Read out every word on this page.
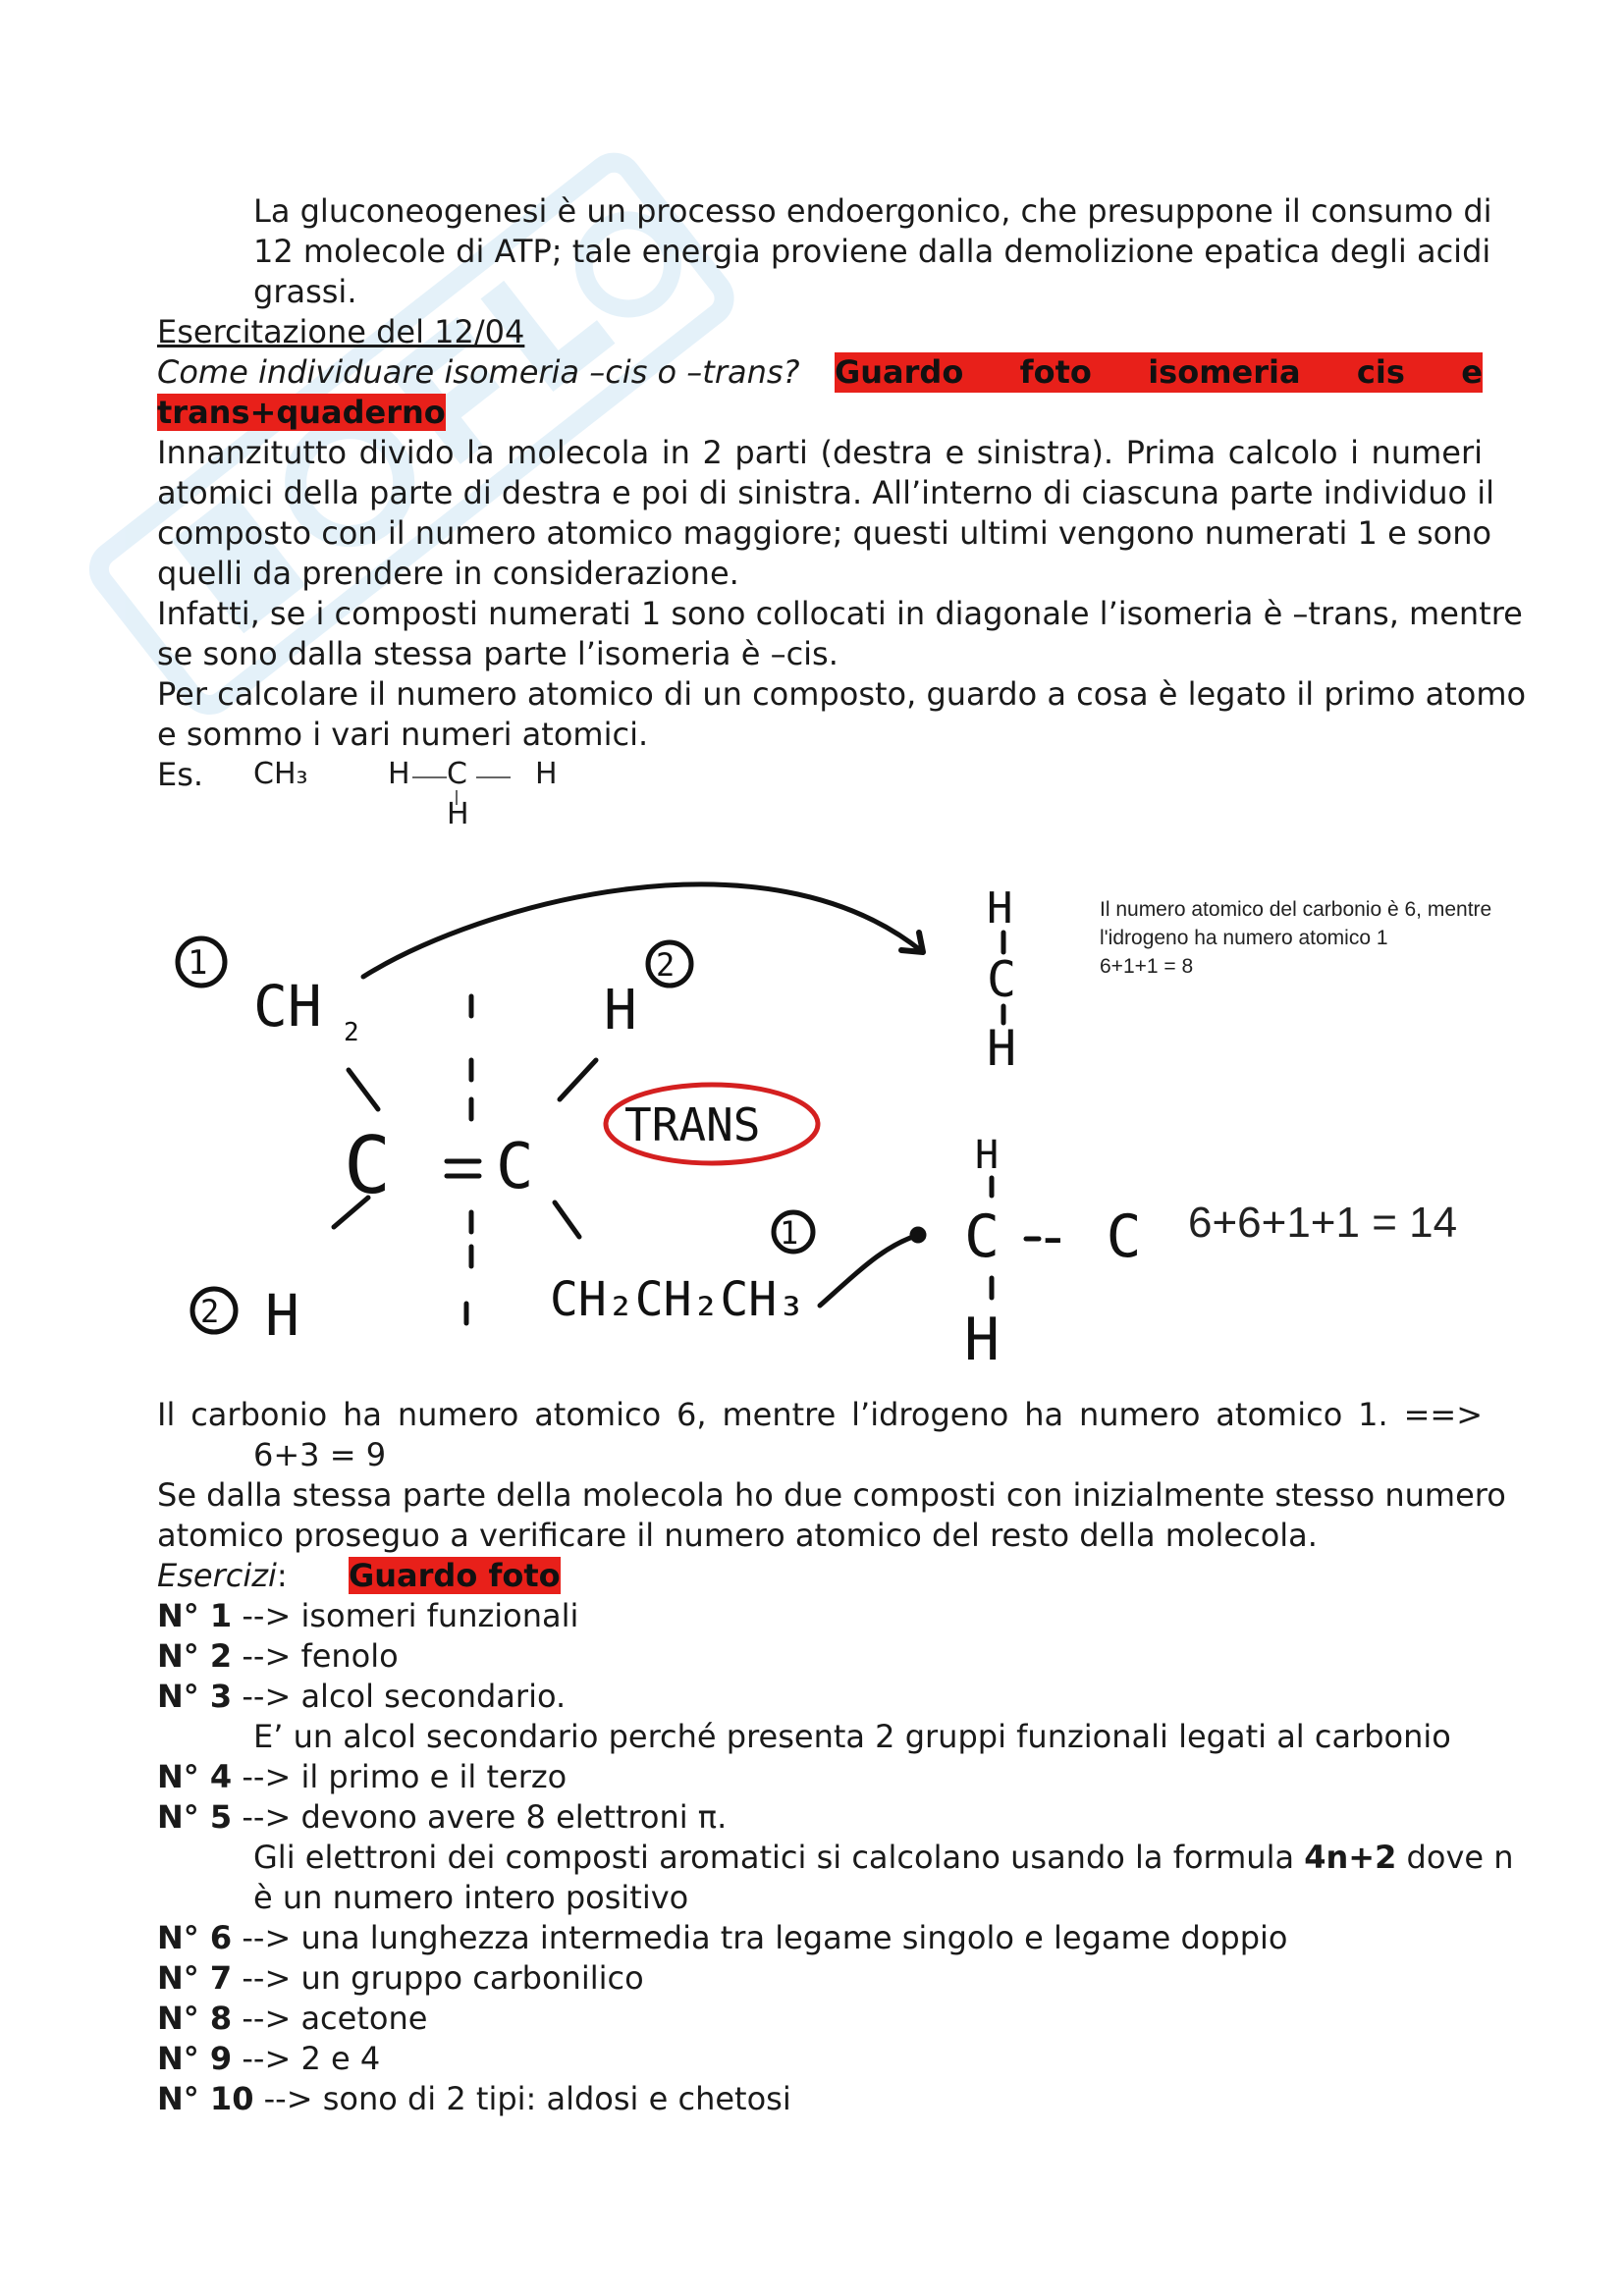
La gluconeogenesi è un processo endoergonico, che presuppone il consumo di
12 molecole di ATP; tale energia proviene dalla demolizione epatica degli acidi
grassi.
Esercitazione del 12/04
Come individuare isomeria –cis o –trans?	Guardo foto isomeria cis e
trans+quaderno
Innanzitutto divido la molecola in 2 parti (destra e sinistra). Prima calcolo i numeri
atomici della parte di destra e poi di sinistra. All’interno di ciascuna parte individuo il
composto con il numero atomico maggiore; questi ultimi vengono numerati 1 e sono
quelli da prendere in considerazione.
Infatti, se i composti numerati 1 sono collocati in diagonale l’isomeria è –trans, mentre
se sono dalla stessa parte l’isomeria è –cis.
Per calcolare il numero atomico di un composto, guardo a cosa è legato il primo atomo
e sommo i vari numeri atomici.
Es.	CH₃	H C H
H
1
CH 2
2
H
C C
TRANS
1
CH₂CH₂CH₃
2 H
H
C
H
H
C - C
H
Il numero atomico del carbonio è 6, mentre
l'idrogeno ha numero atomico 1
6+1+1 = 8
6+6+1+1 = 14
Il carbonio ha numero atomico 6, mentre l’idrogeno ha numero atomico 1. ==>
6+3 = 9
Se dalla stessa parte della molecola ho due composti con inizialmente stesso numero
atomico proseguo a verificare il numero atomico del resto della molecola.
Esercizi:	Guardo foto
N° 1 --> isomeri funzionali
N° 2 --> fenolo
N° 3 --> alcol secondario.
E’ un alcol secondario perché presenta 2 gruppi funzionali legati al carbonio
N° 4 --> il primo e il terzo
N° 5 --> devono avere 8 elettroni π.
Gli elettroni dei composti aromatici si calcolano usando la formula 4n+2 dove n
è un numero intero positivo
N° 6 --> una lunghezza intermedia tra legame singolo e legame doppio
N° 7 --> un gruppo carbonilico
N° 8 --> acetone
N° 9 --> 2 e 4
N° 10 --> sono di 2 tipi: aldosi e chetosi
